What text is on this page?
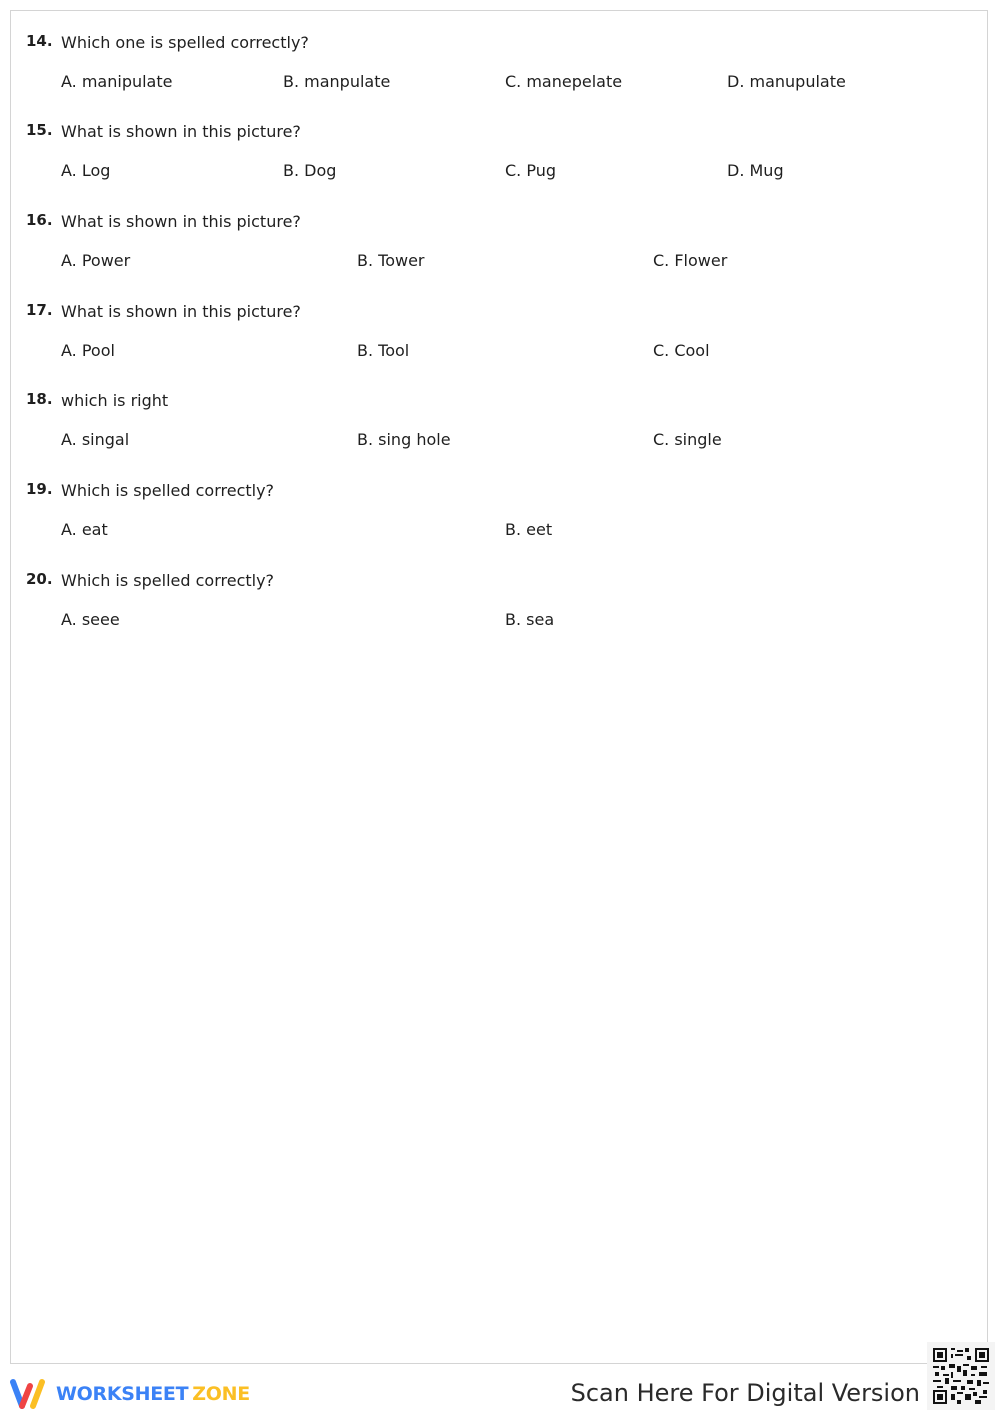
14. Which one is spelled correctly?
A. manipulate	B. manpulate	C. manepelate	D. manupulate
15. What is shown in this picture?
A. Log	B. Dog	C. Pug	D. Mug
16. What is shown in this picture?
A. Power	B. Tower	C. Flower
17. What is shown in this picture?
A. Pool	B. Tool	C. Cool
18. which is right
A. singal	B. sing hole	C. single
19. Which is spelled correctly?
A. eat	B. eet
20. Which is spelled correctly?
A. seee	B. sea
WORKSHEET ZONE	Scan Here For Digital Version
